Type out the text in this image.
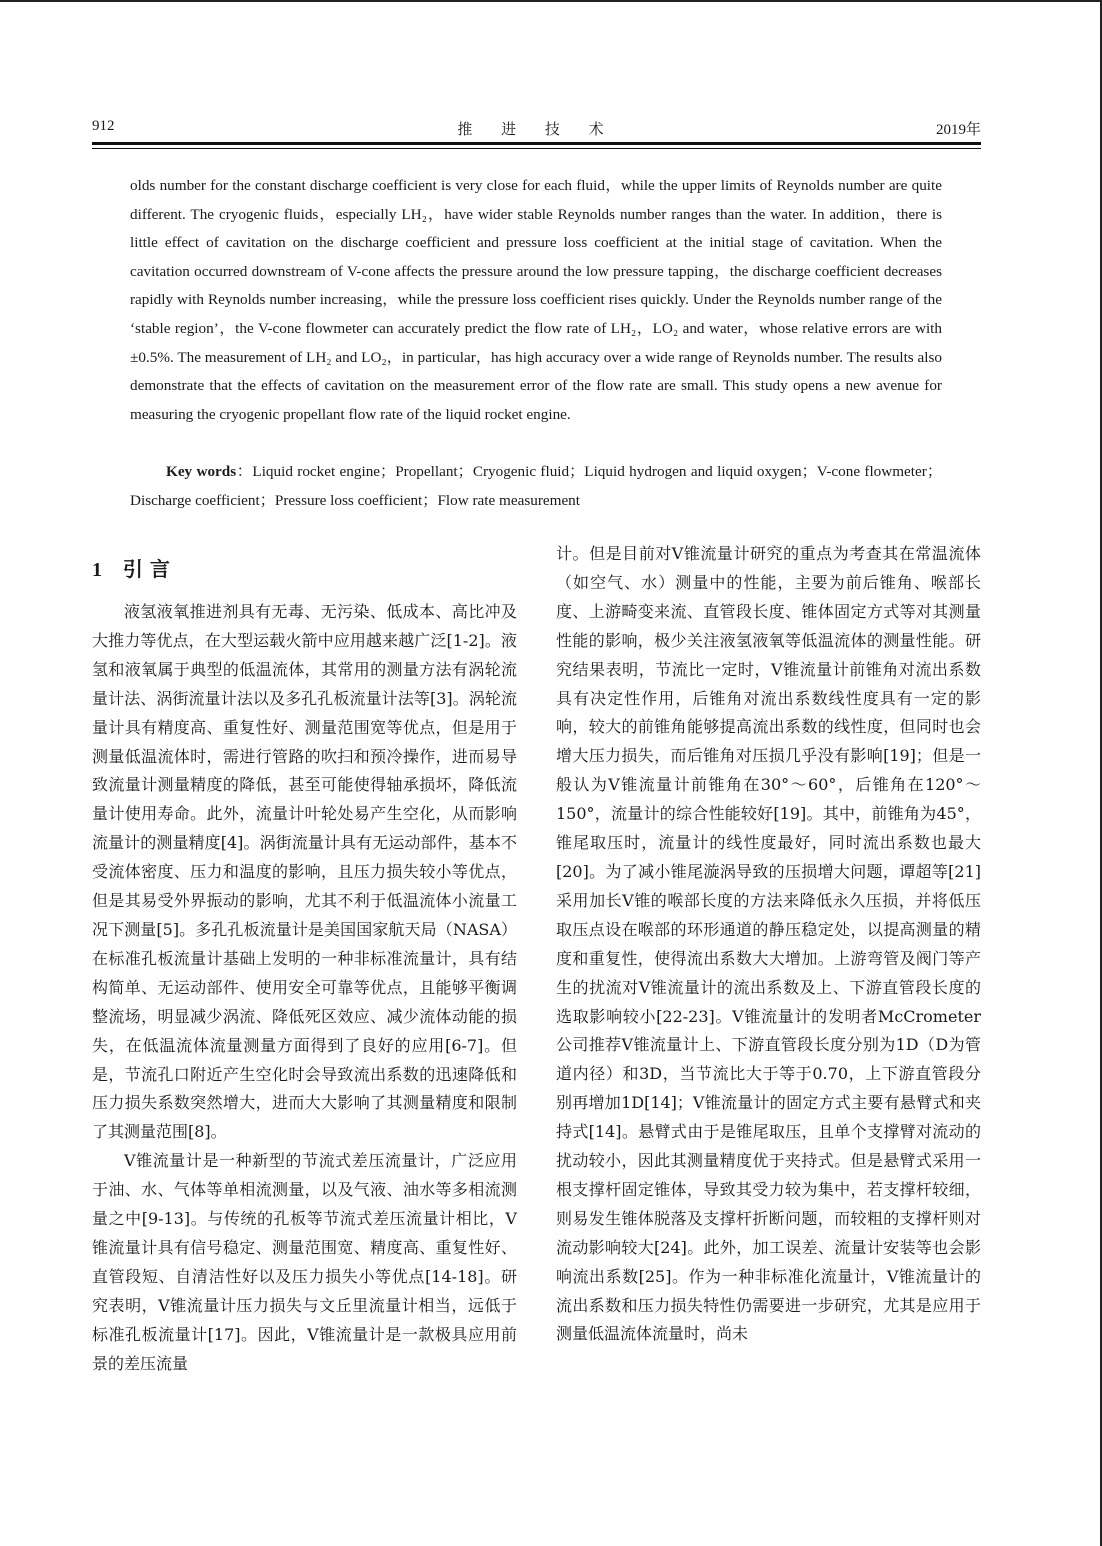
912	推 进 技 术	2019年

olds number for the constant discharge coefficient is very close for each fluid，while the upper limits of Reynolds number are quite different. The cryogenic fluids，especially LH₂，have wider stable Reynolds number ranges than the water. In addition，there is little effect of cavitation on the discharge coefficient and pressure loss coefficient at the initial stage of cavitation. When the cavitation occurred downstream of V-cone affects the pressure around the low pressure tapping，the discharge coefficient decreases rapidly with Reynolds number increasing，while the pressure loss coefficient rises quickly. Under the Reynolds number range of the ‘stable region’，the V-cone flowmeter can accurately predict the flow rate of LH₂，LO₂ and water，whose relative errors are with ±0.5%. The measurement of LH₂ and LO₂，in particular，has high accuracy over a wide range of Reynolds number. The results also demonstrate that the effects of cavitation on the measurement error of the flow rate are small. This study opens a new avenue for measuring the cryogenic propellant flow rate of the liquid rocket engine.

Key words：Liquid rocket engine；Propellant；Cryogenic fluid；Liquid hydrogen and liquid oxygen；V-cone flowmeter；Discharge coefficient；Pressure loss coefficient；Flow rate measurement

1 引 言

液氢液氧推进剂具有无毒、无污染、低成本、高比冲及大推力等优点，在大型运载火箭中应用越来越广泛[1-2]。液氢和液氧属于典型的低温流体，其常用的测量方法有涡轮流量计法、涡街流量计法以及多孔孔板流量计法等[3]。涡轮流量计具有精度高、重复性好、测量范围宽等优点，但是用于测量低温流体时，需进行管路的吹扫和预冷操作，进而易导致流量计测量精度的降低，甚至可能使得轴承损坏，降低流量计使用寿命。此外，流量计叶轮处易产生空化，从而影响流量计的测量精度[4]。涡街流量计具有无运动部件，基本不受流体密度、压力和温度的影响，且压力损失较小等优点，但是其易受外界振动的影响，尤其不利于低温流体小流量工况下测量[5]。多孔孔板流量计是美国国家航天局（NASA）在标准孔板流量计基础上发明的一种非标准流量计，具有结构简单、无运动部件、使用安全可靠等优点，且能够平衡调整流场，明显减少涡流、降低死区效应、减少流体动能的损失，在低温流体流量测量方面得到了良好的应用[6-7]。但是，节流孔口附近产生空化时会导致流出系数的迅速降低和压力损失系数突然增大，进而大大影响了其测量精度和限制了其测量范围[8]。

V锥流量计是一种新型的节流式差压流量计，广泛应用于油、水、气体等单相流测量，以及气液、油水等多相流测量之中[9-13]。与传统的孔板等节流式差压流量计相比，V锥流量计具有信号稳定、测量范围宽、精度高、重复性好、直管段短、自清洁性好以及压力损失小等优点[14-18]。研究表明，V锥流量计压力损失与文丘里流量计相当，远低于标准孔板流量计[17]。因此，V锥流量计是一款极具应用前景的差压流量

计。但是目前对V锥流量计研究的重点为考查其在常温流体（如空气、水）测量中的性能，主要为前后锥角、喉部长度、上游畸变来流、直管段长度、锥体固定方式等对其测量性能的影响，极少关注液氢液氧等低温流体的测量性能。研究结果表明，节流比一定时，V锥流量计前锥角对流出系数具有决定性作用，后锥角对流出系数线性度具有一定的影响，较大的前锥角能够提高流出系数的线性度，但同时也会增大压力损失，而后锥角对压损几乎没有影响[19]；但是一般认为V锥流量计前锥角在30°～60°，后锥角在120°～150°，流量计的综合性能较好[19]。其中，前锥角为45°，锥尾取压时，流量计的线性度最好，同时流出系数也最大[20]。为了减小锥尾漩涡导致的压损增大问题，谭超等[21]采用加长V锥的喉部长度的方法来降低永久压损，并将低压取压点设在喉部的环形通道的静压稳定处，以提高测量的精度和重复性，使得流出系数大大增加。上游弯管及阀门等产生的扰流对V锥流量计的流出系数及上、下游直管段长度的选取影响较小[22-23]。V锥流量计的发明者McCrometer公司推荐V锥流量计上、下游直管段长度分别为1D（D为管道内径）和3D，当节流比大于等于0.70，上下游直管段分别再增加1D[14]；V锥流量计的固定方式主要有悬臂式和夹持式[14]。悬臂式由于是锥尾取压，且单个支撑臂对流动的扰动较小，因此其测量精度优于夹持式。但是悬臂式采用一根支撑杆固定锥体，导致其受力较为集中，若支撑杆较细，则易发生锥体脱落及支撑杆折断问题，而较粗的支撑杆则对流动影响较大[24]。此外，加工误差、流量计安装等也会影响流出系数[25]。作为一种非标准化流量计，V锥流量计的流出系数和压力损失特性仍需要进一步研究，尤其是应用于测量低温流体流量时，尚未
